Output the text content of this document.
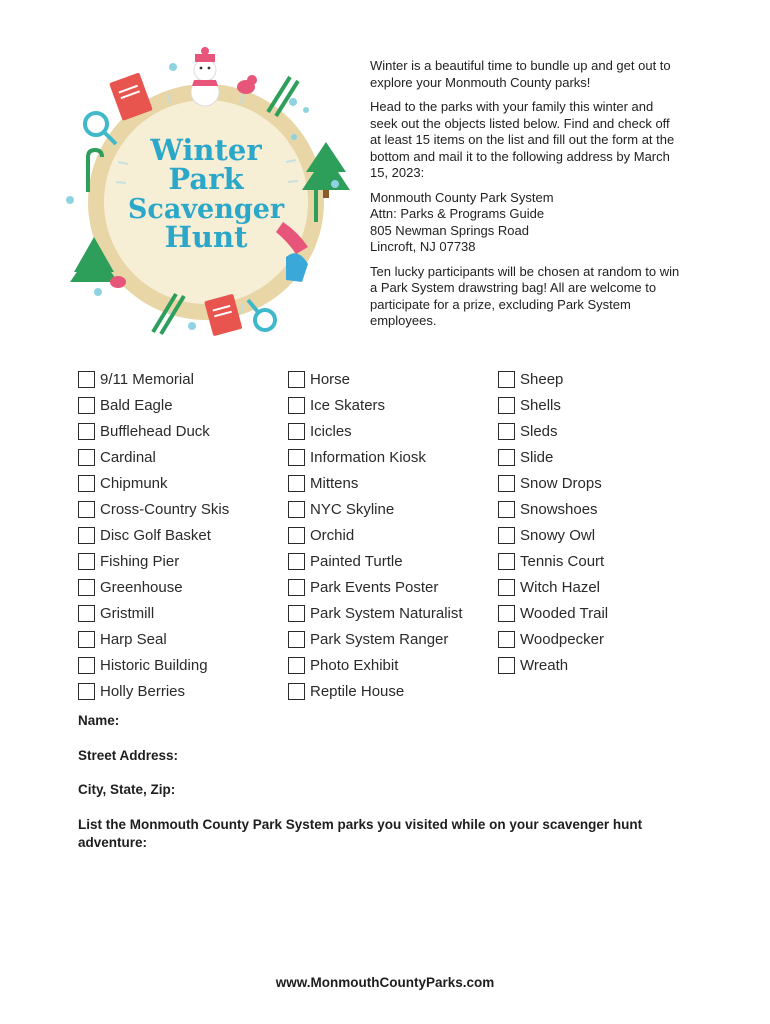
Winter
Park
Scavenger
Hunt

Winter is a beautiful time to bundle up and get out to explore your Monmouth County parks!

Head to the parks with your family this winter and seek out the objects listed below. Find and check off at least 15 items on the list and fill out the form at the bottom and mail it to the following address by March 15, 2023:

Monmouth County Park System
Attn: Parks & Programs Guide
805 Newman Springs Road
Lincroft, NJ 07738

Ten lucky participants will be chosen at random to win a Park System drawstring bag! All are welcome to participate for a prize, excluding Park System employees.

9/11 Memorial
Bald Eagle
Bufflehead Duck
Cardinal
Chipmunk
Cross-Country Skis
Disc Golf Basket
Fishing Pier
Greenhouse
Gristmill
Harp Seal
Historic Building
Holly Berries
Horse
Ice Skaters
Icicles
Information Kiosk
Mittens
NYC Skyline
Orchid
Painted Turtle
Park Events Poster
Park System Naturalist
Park System Ranger
Photo Exhibit
Reptile House
Sheep
Shells
Sleds
Slide
Snow Drops
Snowshoes
Snowy Owl
Tennis Court
Witch Hazel
Wooded Trail
Woodpecker
Wreath
Name:
Street Address:
City, State, Zip:
List the Monmouth County Park System parks you visited while on your scavenger hunt adventure:
www.MonmouthCountyParks.com
